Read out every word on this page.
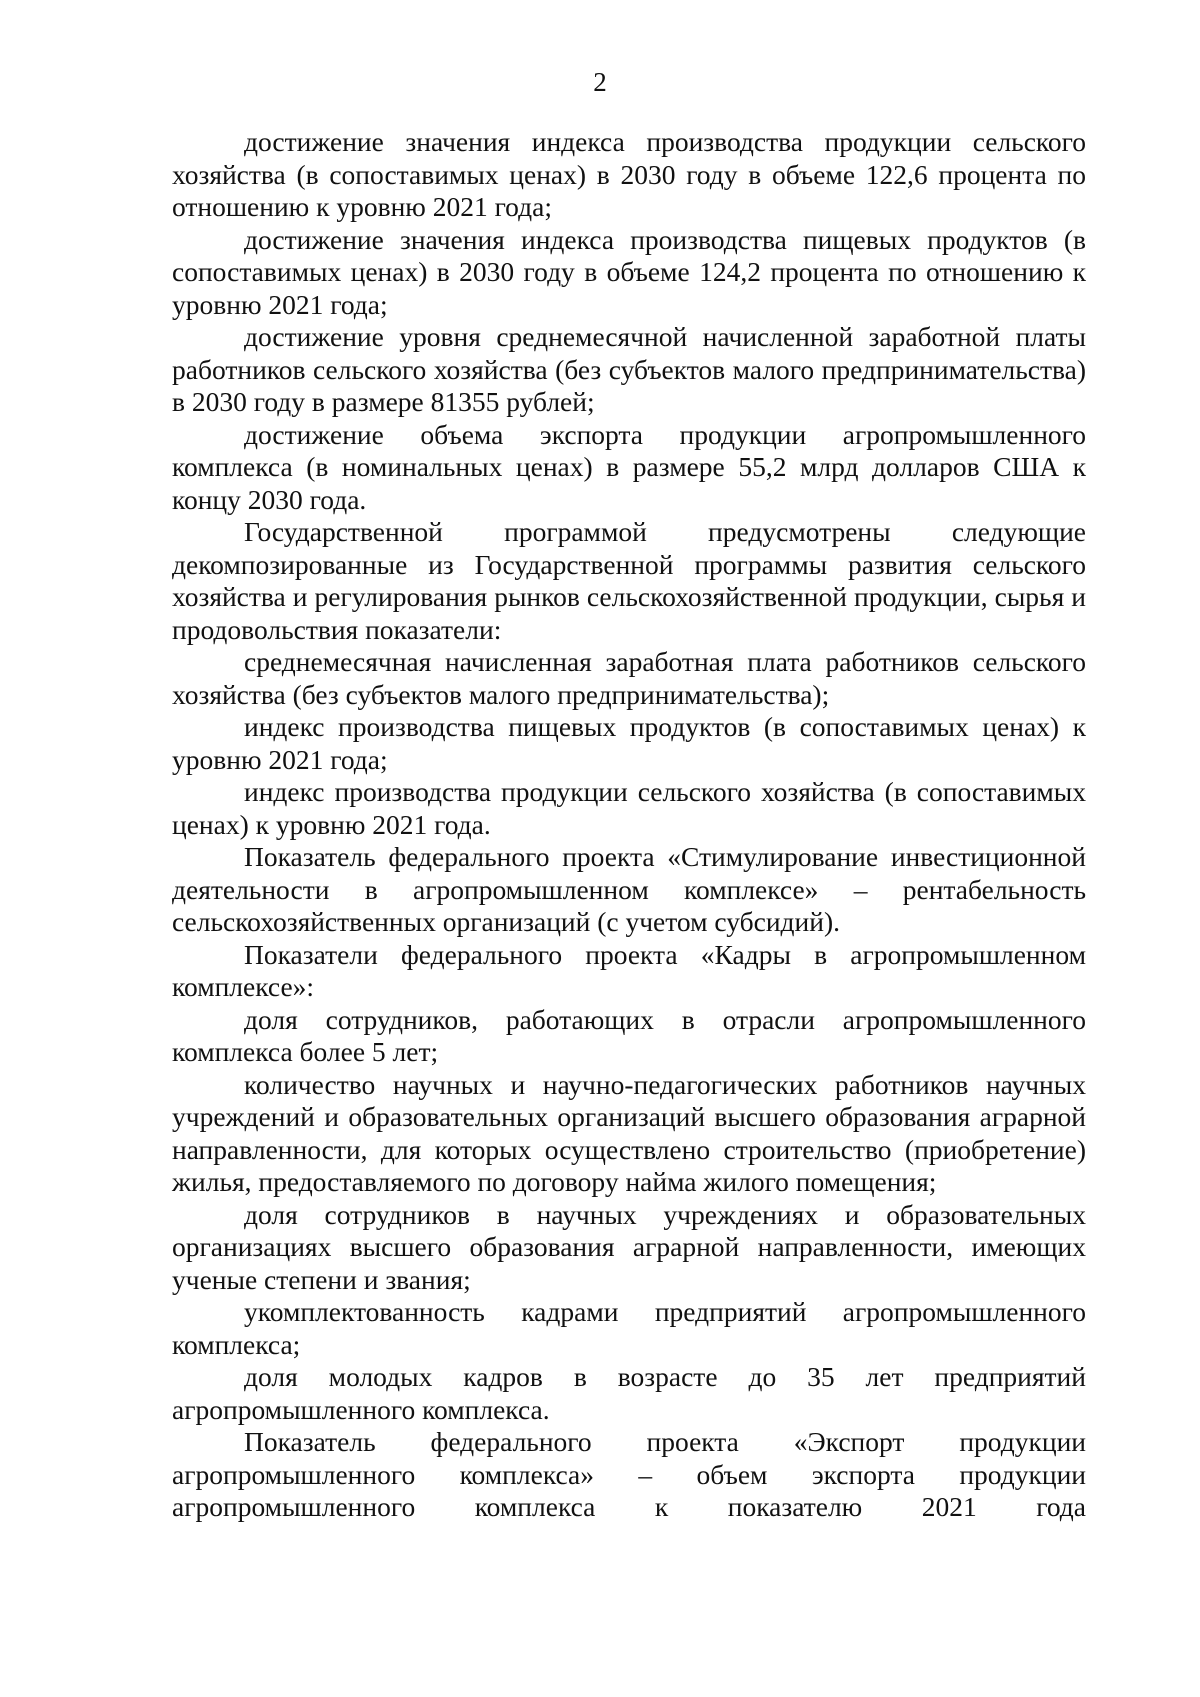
2

достижение значения индекса производства продукции сельского хозяйства (в сопоставимых ценах) в 2030 году в объеме 122,6 процента по отношению к уровню 2021 года;

достижение значения индекса производства пищевых продуктов (в сопоставимых ценах) в 2030 году в объеме 124,2 процента по отношению к уровню 2021 года;

достижение уровня среднемесячной начисленной заработной платы работников сельского хозяйства (без субъектов малого предпринимательства) в 2030 году в размере 81355 рублей;

достижение объема экспорта продукции агропромышленного комплекса (в номинальных ценах) в размере 55,2 млрд долларов США к концу 2030 года.

Государственной программой предусмотрены следующие декомпозированные из Государственной программы развития сельского хозяйства и регулирования рынков сельскохозяйственной продукции, сырья и продовольствия показатели:

среднемесячная начисленная заработная плата работников сельского хозяйства (без субъектов малого предпринимательства);

индекс производства пищевых продуктов (в сопоставимых ценах) к уровню 2021 года;

индекс производства продукции сельского хозяйства (в сопоставимых ценах) к уровню 2021 года.

Показатель федерального проекта «Стимулирование инвестиционной деятельности в агропромышленном комплексе» – рентабельность сельскохозяйственных организаций (с учетом субсидий).

Показатели федерального проекта «Кадры в агропромышленном комплексе»:

доля сотрудников, работающих в отрасли агропромышленного комплекса более 5 лет;

количество научных и научно-педагогических работников научных учреждений и образовательных организаций высшего образования аграрной направленности, для которых осуществлено строительство (приобретение) жилья, предоставляемого по договору найма жилого помещения;

доля сотрудников в научных учреждениях и образовательных организациях высшего образования аграрной направленности, имеющих ученые степени и звания;

укомплектованность кадрами предприятий агропромышленного комплекса;

доля молодых кадров в возрасте до 35 лет предприятий агропромышленного комплекса.

Показатель федерального проекта «Экспорт продукции агропромышленного комплекса» – объем экспорта продукции агропромышленного комплекса к показателю 2021 года
